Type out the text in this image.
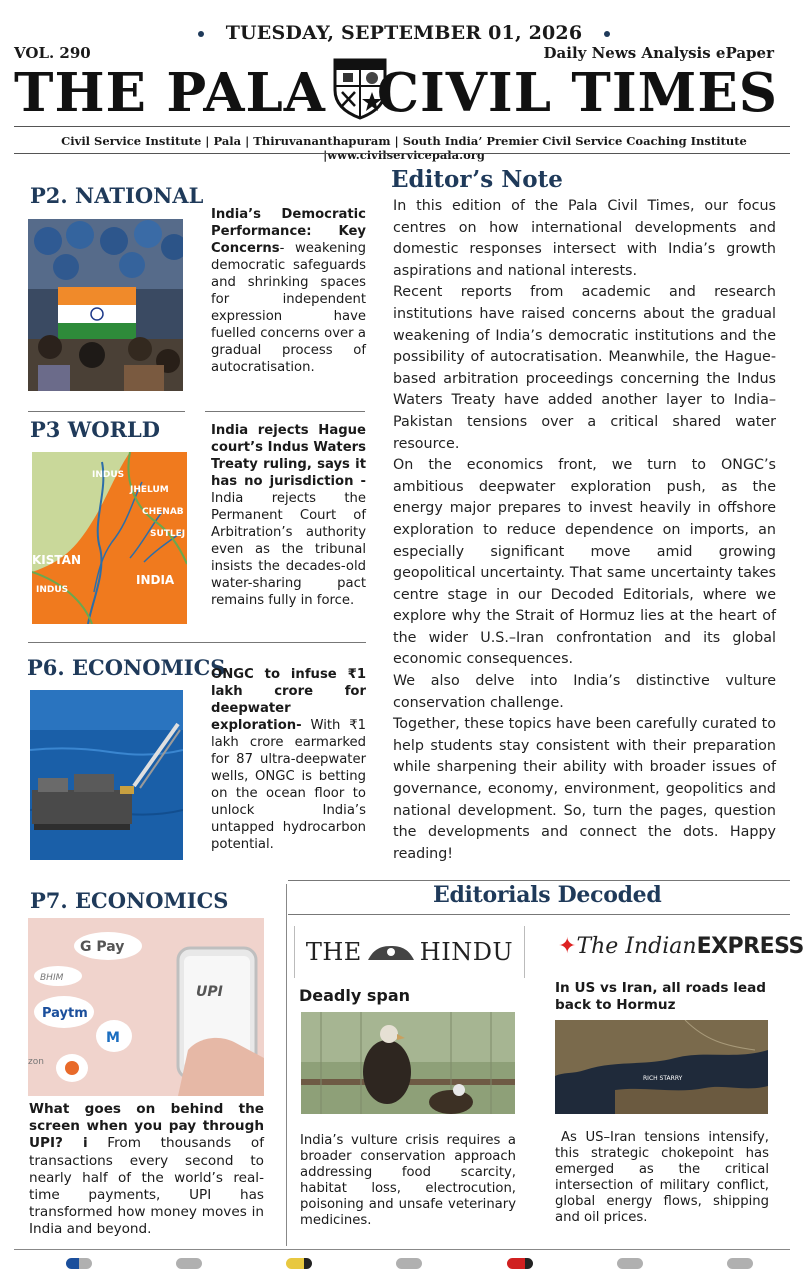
TUESDAY, SEPTEMBER 01, 2026
VOL. 290	Daily News Analysis ePaper
THE PALA CIVIL TIMES
Civil Service Institute | Pala | Thiruvananthapuram | South India’ Premier Civil Service Coaching Institute |www.civilservicepala.org
P2. NATIONAL
India’s Democratic Performance: Key Concerns- weakening democratic safeguards and shrinking spaces for independent expression have fuelled concerns over a gradual process of autocratisation.
P3 WORLD
INDUS
JHELUM
CHENAB
SUTLEJ
KISTAN
INDIA
INDUS
India rejects Hague court’s Indus Waters Treaty ruling, says it has no jurisdiction - India rejects the Permanent Court of Arbitration’s authority even as the tribunal insists the decades-old water-sharing pact remains fully in force.
P6. ECONOMICS
ONGC to infuse ₹1 lakh crore for deepwater exploration- With ₹1 lakh crore earmarked for 87 ultra-deepwater wells, ONGC is betting on the ocean floor to unlock India’s untapped hydrocarbon potential.
Editor’s Note

In this edition of the Pala Civil Times, our focus centres on how international developments and domestic responses intersect with India’s growth aspirations and national interests.

Recent reports from academic and research institutions have raised concerns about the gradual weakening of India’s democratic institutions and the possibility of autocratisation. Meanwhile, the Hague-based arbitration proceedings concerning the Indus Waters Treaty have added another layer to India–Pakistan tensions over a critical shared water resource.

On the economics front, we turn to ONGC’s ambitious deepwater exploration push, as the energy major prepares to invest heavily in offshore exploration to reduce dependence on imports, an especially significant move amid growing geopolitical uncertainty. That same uncertainty takes centre stage in our Decoded Editorials, where we explore why the Strait of Hormuz lies at the heart of the wider U.S.–Iran confrontation and its global economic consequences.

We also delve into India’s distinctive vulture conservation challenge.

Together, these topics have been carefully curated to help students stay consistent with their preparation while sharpening their ability with broader issues of governance, economy, environment, geopolitics and national development. So, turn the pages, question the developments and connect the dots. Happy reading!

P7. ECONOMICS
G Pay
BHIM
Paytm
M
zon
UPI
What goes on behind the screen when you pay through UPI? i From thousands of transactions every second to nearly half of the world’s real-time payments, UPI has transformed how money moves in India and beyond.
Editorials Decoded
THE HINDU
Deadly span
India’s vulture crisis requires a broader conservation approach addressing food scarcity, habitat loss, electrocution, poisoning and unsafe veterinary medicines.
✦The IndianEXPRESS
In US vs Iran, all roads lead back to Hormuz
RICH STARRY
As US–Iran tensions intensify, this strategic chokepoint has emerged as the critical intersection of military conflict, global energy flows, shipping and oil prices.
